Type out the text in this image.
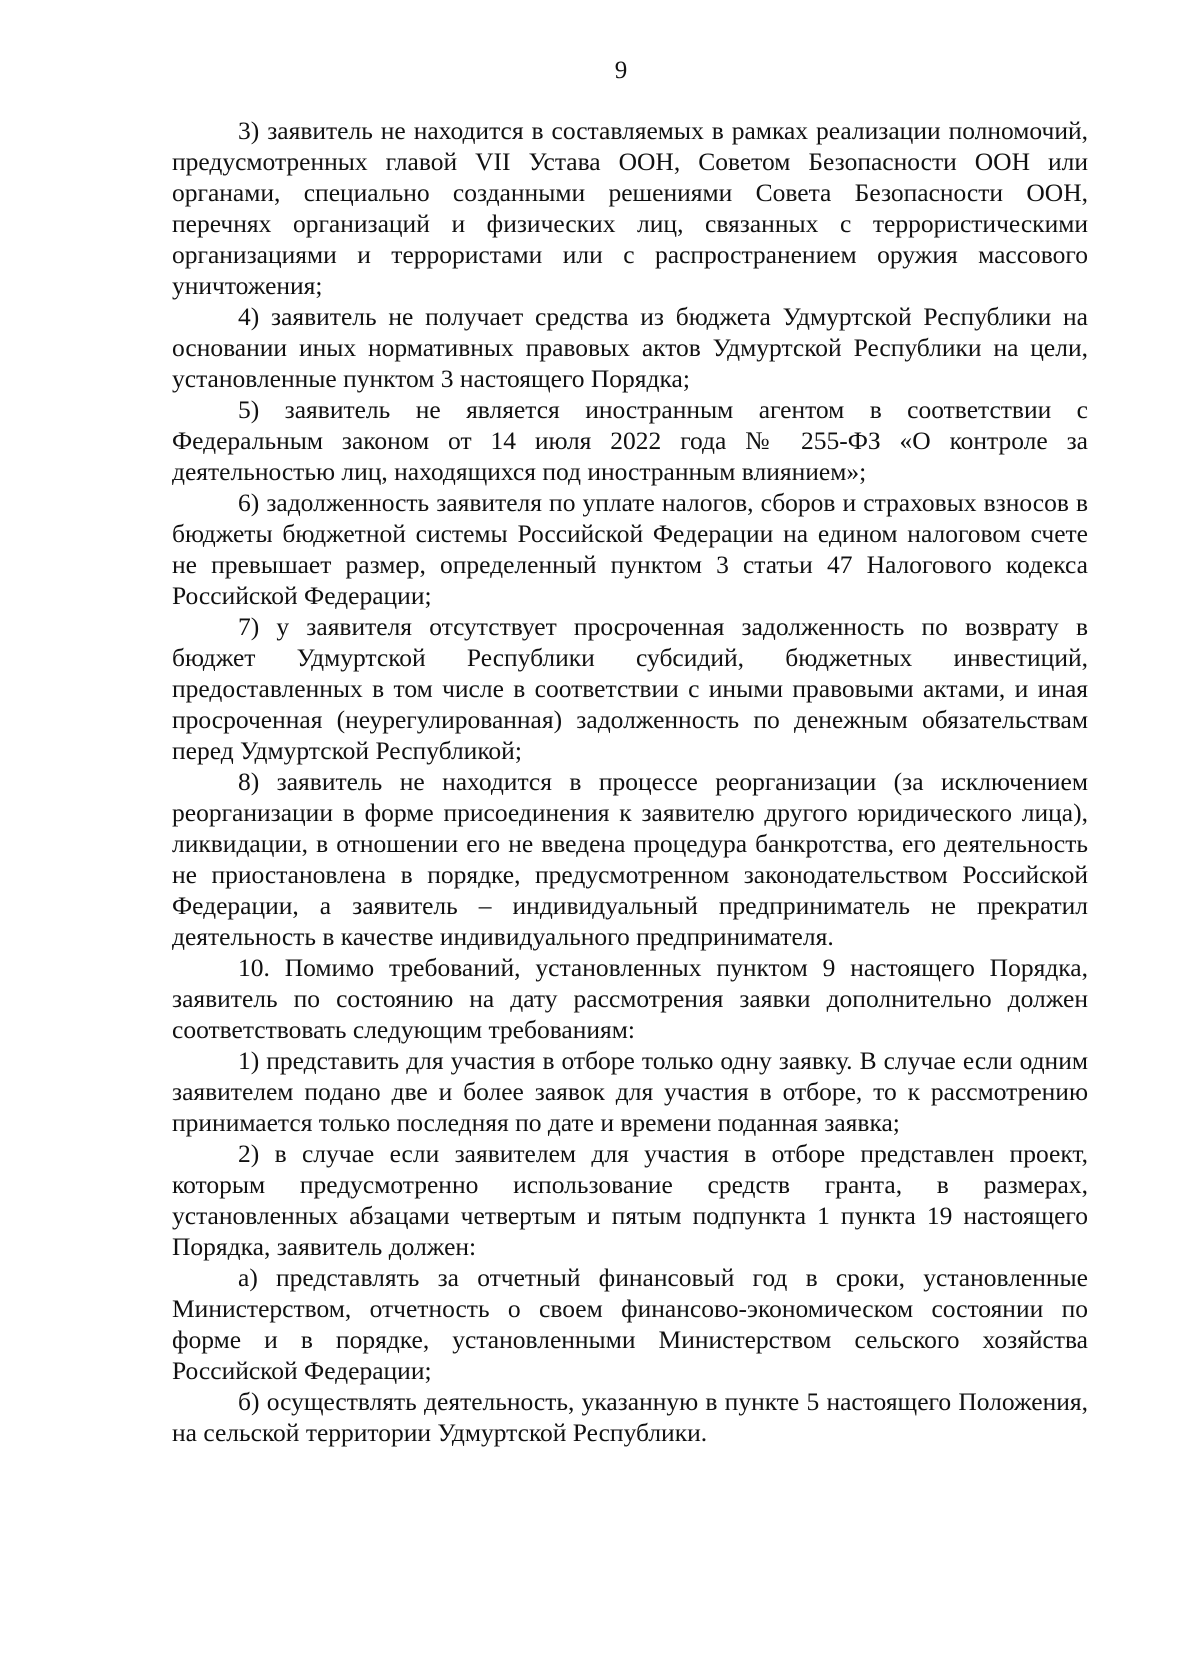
9

3) заявитель не находится в составляемых в рамках реализации полномочий, предусмотренных главой VII Устава ООН, Советом Безопасности ООН или органами, специально созданными решениями Совета Безопасности ООН, перечнях организаций и физических лиц, связанных с террористическими организациями и террористами или с распространением оружия массового уничтожения;

4) заявитель не получает средства из бюджета Удмуртской Республики на основании иных нормативных правовых актов Удмуртской Республики на цели, установленные пунктом 3 настоящего Порядка;

5) заявитель не является иностранным агентом в соответствии с Федеральным законом от 14 июля 2022 года № 255-ФЗ «О контроле за деятельностью лиц, находящихся под иностранным влиянием»;

6) задолженность заявителя по уплате налогов, сборов и страховых взносов в бюджеты бюджетной системы Российской Федерации на едином налоговом счете не превышает размер, определенный пунктом 3 статьи 47 Налогового кодекса Российской Федерации;

7) у заявителя отсутствует просроченная задолженность по возврату в бюджет Удмуртской Республики субсидий, бюджетных инвестиций, предоставленных в том числе в соответствии с иными правовыми актами, и иная просроченная (неурегулированная) задолженность по денежным обязательствам перед Удмуртской Республикой;

8) заявитель не находится в процессе реорганизации (за исключением реорганизации в форме присоединения к заявителю другого юридического лица), ликвидации, в отношении его не введена процедура банкротства, его деятельность не приостановлена в порядке, предусмотренном законодательством Российской Федерации, а заявитель – индивидуальный предприниматель не прекратил деятельность в качестве индивидуального предпринимателя.

10. Помимо требований, установленных пунктом 9 настоящего Порядка, заявитель по состоянию на дату рассмотрения заявки дополнительно должен соответствовать следующим требованиям:

1) представить для участия в отборе только одну заявку. В случае если одним заявителем подано две и более заявок для участия в отборе, то к рассмотрению принимается только последняя по дате и времени поданная заявка;

2) в случае если заявителем для участия в отборе представлен проект, которым предусмотренно использование средств гранта, в размерах, установленных абзацами четвертым и пятым подпункта 1 пункта 19 настоящего Порядка, заявитель должен:

а) представлять за отчетный финансовый год в сроки, установленные Министерством, отчетность о своем финансово-экономическом состоянии по форме и в порядке, установленными Министерством сельского хозяйства Российской Федерации;

б) осуществлять деятельность, указанную в пункте 5 настоящего Положения, на сельской территории Удмуртской Республики.
